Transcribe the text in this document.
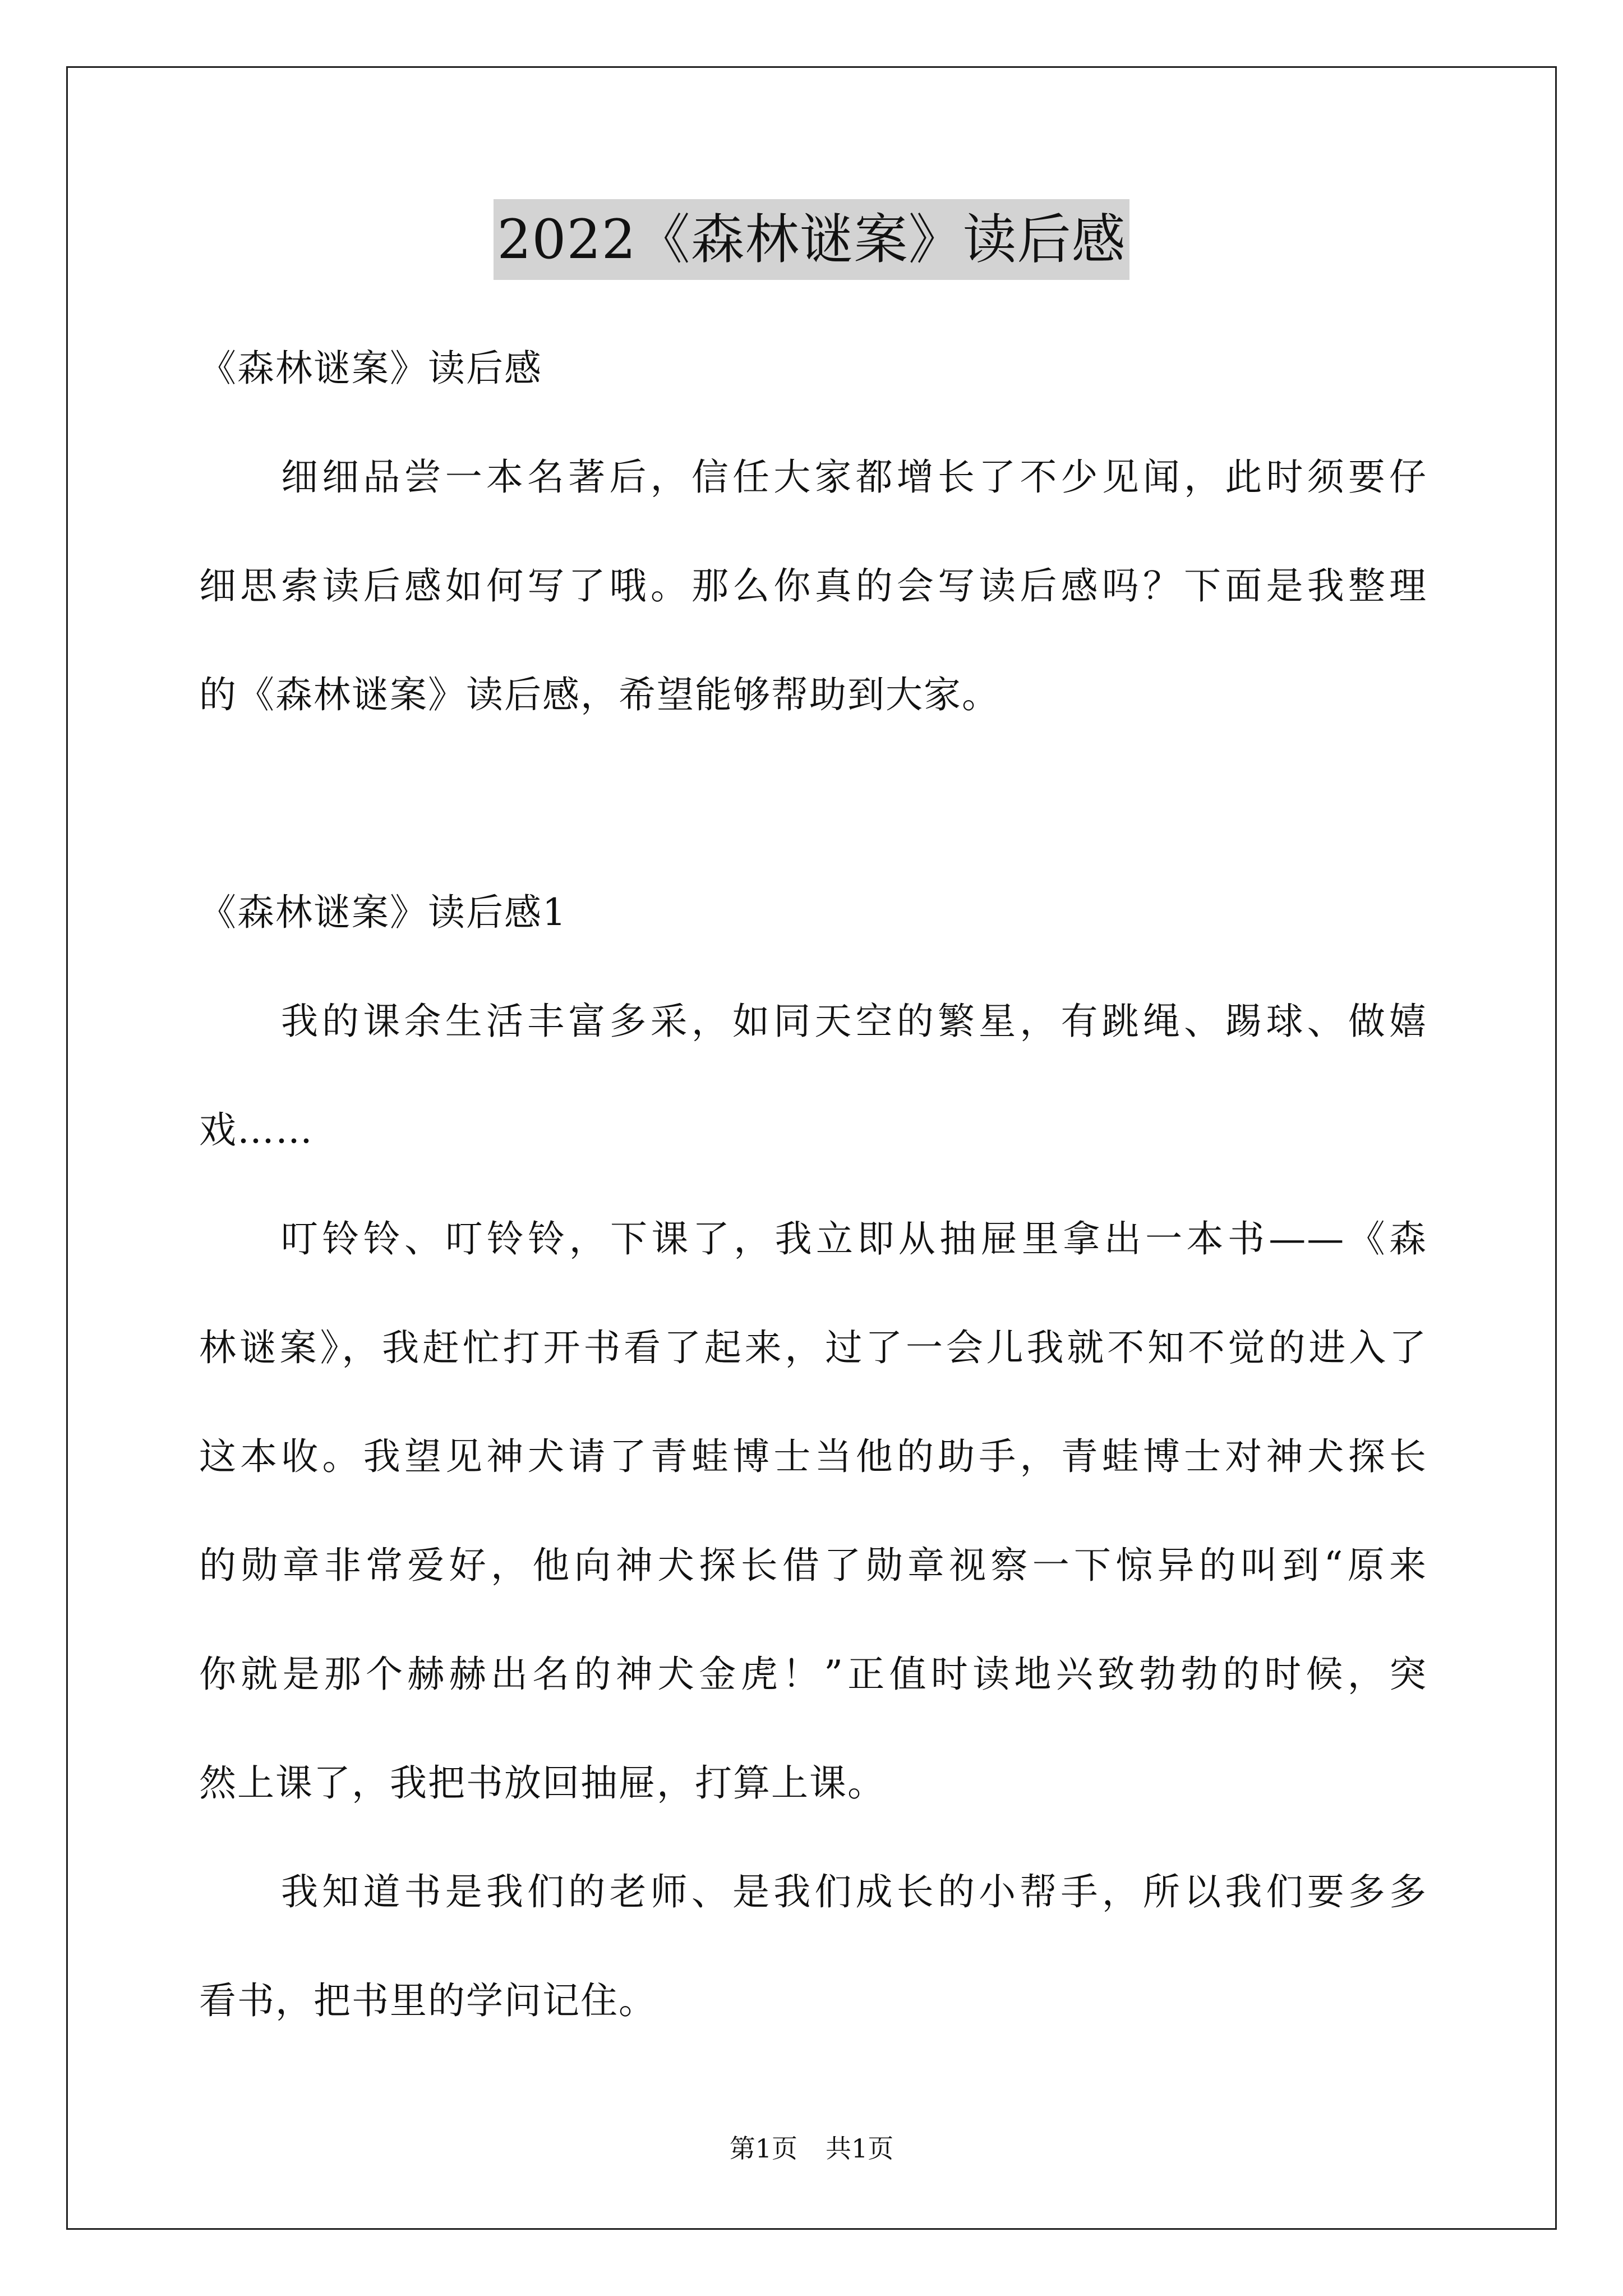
2022《森林谜案》读后感
《森林谜案》读后感
细细品尝一本名著后，信任大家都增长了不少见闻，此时须要仔
细思索读后感如何写了哦。那么你真的会写读后感吗？下面是我整理
的《森林谜案》读后感，希望能够帮助到大家。
《森林谜案》读后感1
我的课余生活丰富多采，如同天空的繁星，有跳绳、踢球、做嬉
戏……
叮铃铃、叮铃铃，下课了，我立即从抽屉里拿出一本书——《森
林谜案》，我赶忙打开书看了起来，过了一会儿我就不知不觉的进入了
这本收。我望见神犬请了青蛙博士当他的助手，青蛙博士对神犬探长
的勋章非常爱好，他向神犬探长借了勋章视察一下惊异的叫到“原来
你就是那个赫赫出名的神犬金虎！”正值时读地兴致勃勃的时候，突
然上课了，我把书放回抽屉，打算上课。
我知道书是我们的老师、是我们成长的小帮手，所以我们要多多
看书，把书里的学问记住。
第1页 共1页
